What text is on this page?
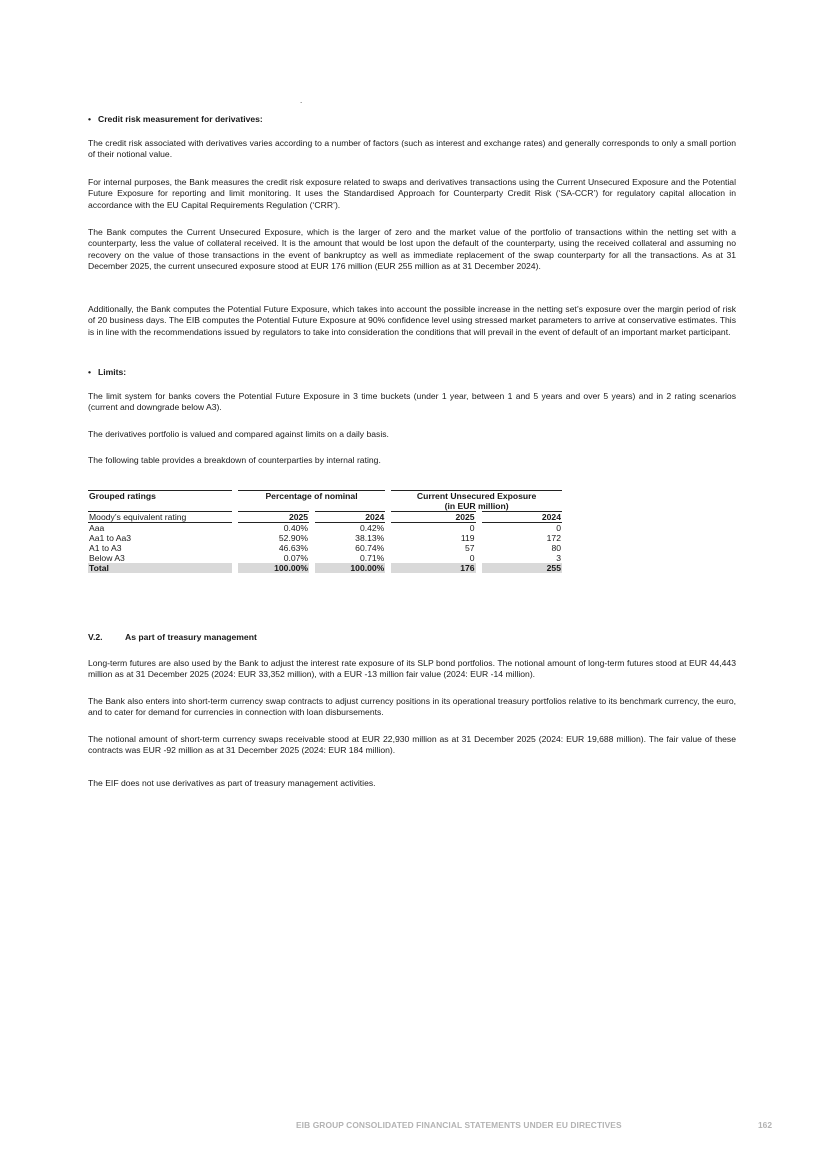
.
• Credit risk measurement for derivatives:

The credit risk associated with derivatives varies according to a number of factors (such as interest and exchange rates) and generally corresponds to only a small portion of their notional value.

For internal purposes, the Bank measures the credit risk exposure related to swaps and derivatives transactions using the Current Unsecured Exposure and the Potential Future Exposure for reporting and limit monitoring. It uses the Standardised Approach for Counterparty Credit Risk (‘SA-CCR’) for regulatory capital allocation in accordance with the EU Capital Requirements Regulation (‘CRR’).

The Bank computes the Current Unsecured Exposure, which is the larger of zero and the market value of the portfolio of transactions within the netting set with a counterparty, less the value of collateral received. It is the amount that would be lost upon the default of the counterparty, using the received collateral and assuming no recovery on the value of those transactions in the event of bankruptcy as well as immediate replacement of the swap counterparty for all the transactions. As at 31 December 2025, the current unsecured exposure stood at EUR 176 million (EUR 255 million as at 31 December 2024).

Additionally, the Bank computes the Potential Future Exposure, which takes into account the possible increase in the netting set’s exposure over the margin period of risk of 20 business days. The EIB computes the Potential Future Exposure at 90% confidence level using stressed market parameters to arrive at conservative estimates. This is in line with the recommendations issued by regulators to take into consideration the conditions that will prevail in the event of default of an important market participant.

• Limits:

The limit system for banks covers the Potential Future Exposure in 3 time buckets (under 1 year, between 1 and 5 years and over 5 years) and in 2 rating scenarios (current and downgrade below A3).

The derivatives portfolio is valued and compared against limits on a daily basis.

The following table provides a breakdown of counterparties by internal rating.

Grouped ratings		Percentage of nominal				Current Unsecured Exposure		
						(in EUR million)		
Moody’s equivalent rating		2025		2024		2025		2024
Aaa		0.40%		0.42%		0		0
Aa1 to Aa3		52.90%		38.13%		119		172
A1 to A3		46.63%		60.74%		57		80
Below A3		0.07%		0.71%		0		3
Total		100.00%		100.00%		176		255
V.2.	As part of treasury management

Long-term futures are also used by the Bank to adjust the interest rate exposure of its SLP bond portfolios. The notional amount of long-term futures stood at EUR 44,443 million as at 31 December 2025 (2024: EUR 33,352 million), with a EUR -13 million fair value (2024: EUR -14 million).

The Bank also enters into short-term currency swap contracts to adjust currency positions in its operational treasury portfolios relative to its benchmark currency, the euro, and to cater for demand for currencies in connection with loan disbursements.

The notional amount of short-term currency swaps receivable stood at EUR 22,930 million as at 31 December 2025 (2024: EUR 19,688 million). The fair value of these contracts was EUR -92 million as at 31 December 2025 (2024: EUR 184 million).

The EIF does not use derivatives as part of treasury management activities.

EIB GROUP CONSOLIDATED FINANCIAL STATEMENTS UNDER EU DIRECTIVES	162
